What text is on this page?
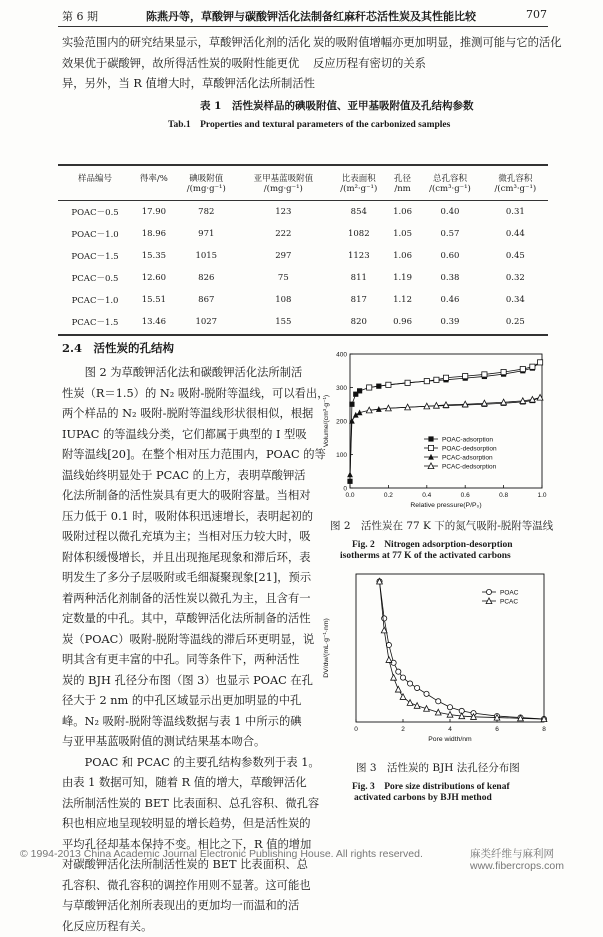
第 6 期	陈燕丹等，草酸钾与碳酸钾活化法制备红麻秆芯活性炭及其性能比较	707
实验范围内的研究结果显示，草酸钾活化剂的活化
效果优于碳酸钾，故所得活性炭的吸附性能更优
异，另外，当 R 值增大时，草酸钾活化法所制活性
炭的吸附值增幅亦更加明显，推测可能与它的活化
反应历程有密切的关系
表 1　活性炭样品的碘吸附值、亚甲基吸附值及孔结构参数
Tab.1　Properties and textural parameters of the carbonized samples
样品编号	得率/%	碘吸附值	亚甲基蓝吸附值	比表面积	孔径	总孔容积	微孔容积
		/(mg·g⁻¹)	/(mg·g⁻¹)	/(m²·g⁻¹)	/nm	/(cm³·g⁻¹)	/(cm³·g⁻¹)
POAC－0.5	17.90	782	123	854	1.06	0.40	0.31
POAC－1.0	18.96	971	222	1082	1.05	0.57	0.44
POAC－1.5	15.35	1015	297	1123	1.06	0.60	0.45
PCAC－0.5	12.60	826	75	811	1.19	0.38	0.32
PCAC－1.0	15.51	867	108	817	1.12	0.46	0.34
PCAC－1.5	13.46	1027	155	820	0.96	0.39	0.25
2.4　 活性炭的孔结构
　　图 2 为草酸钾活化法和碳酸钾活化法所制活
性炭（R＝1.5）的 N₂ 吸附-脱附等温线，可以看出，
两个样品的 N₂ 吸附-脱附等温线形状很相似，根据
IUPAC 的等温线分类，它们都属于典型的 I 型吸
附等温线[20]。在整个相对压力范围内，POAC 的等
温线始终明显处于 PCAC 的上方，表明草酸钾活
化法所制备的活性炭具有更大的吸附容量。当相对
压力低于 0.1 时，吸附体积迅速增长，表明起初的
吸附过程以微孔充填为主；当相对压力较大时，吸
附体积缓慢增长，并且出现拖尾现象和滞后环，表
明发生了多分子层吸附或毛细凝聚现象[21]，预示
着两种活化剂制备的活性炭以微孔为主，且含有一
定数量的中孔。其中，草酸钾活化法所制备的活性
炭（POAC）吸附-脱附等温线的滞后环更明显，说
明其含有更丰富的中孔。同等条件下，两种活性
炭的 BJH 孔径分布图（图 3）也显示 POAC 在孔
径大于 2 nm 的中孔区域显示出更加明显的中孔
峰。N₂ 吸附-脱附等温线数据与表 1 中所示的碘
与亚甲基蓝吸附值的测试结果基本吻合。
　　POAC 和 PCAC 的主要孔结构参数列于表 1。
由表 1 数据可知，随着 R 值的增大，草酸钾活化
法所制活性炭的 BET 比表面积、总孔容积、微孔容
积也相应地呈现较明显的增长趋势，但是活性炭的
平均孔径却基本保持不变。相比之下，R 值的增加
对碳酸钾活化法所制活性炭的 BET 比表面积、总
孔容积、微孔容积的调控作用则不显著。这可能也
与草酸钾活化剂所表现出的更加均一而温和的活
化反应历程有关。
0.0	0.2	0.4	0.6	0.8	1.0
0
100
200
300
400
Relative pressure(P/P₀)
Volume/(cm³·g⁻¹)	POAC-adsorption
POAC-dedsorption
PCAC-adsorption
PCAC-dedsorption
图 2　活性炭在 77 K 下的氮气吸附-脱附等温线
Fig. 2　Nitrogen adsorption-desorption
isotherms at 77 K of the activated carbons
0	2	4	6	8
Pore width/nm
DV/dw/(mL·g⁻¹·nm)
POAC
PCAC
图 3　活性炭的 BJH 法孔径分布图
Fig. 3　Pore size distributions of kenaf
activated carbons by BJH method
© 1994-2013 China Academic Journal Electronic Publishing House. All rights reserved.	麻类纤维与麻利网
www.fibercrops.com
